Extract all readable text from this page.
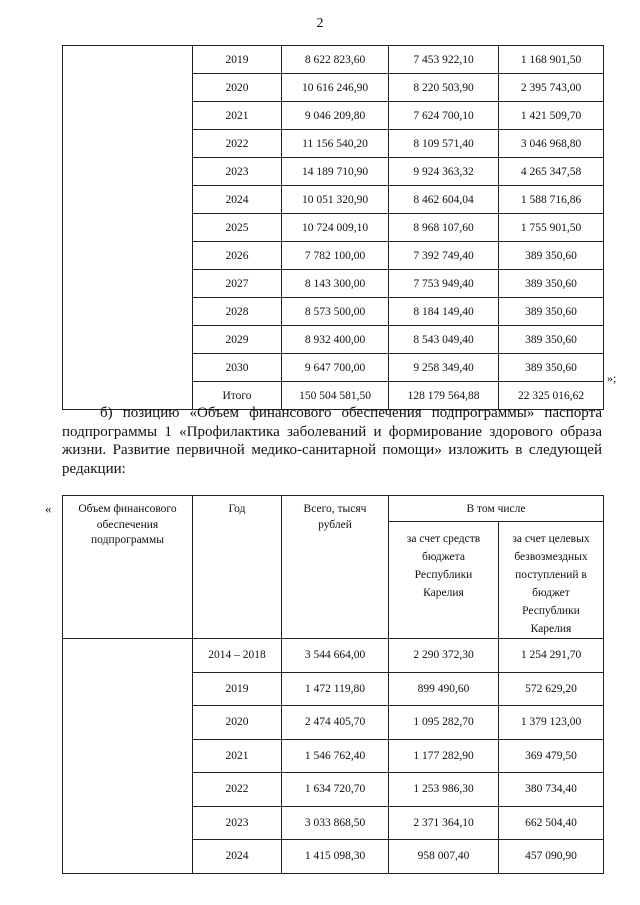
2
	2019	8 622 823,60	7 453 922,10	1 168 901,50
	2020	10 616 246,90	8 220 503,90	2 395 743,00
	2021	9 046 209,80	7 624 700,10	1 421 509,70
	2022	11 156 540,20	8 109 571,40	3 046 968,80
	2023	14 189 710,90	9 924 363,32	4 265 347,58
	2024	10 051 320,90	8 462 604,04	1 588 716,86
	2025	10 724 009,10	8 968 107,60	1 755 901,50
	2026	7 782 100,00	7 392 749,40	389 350,60
	2027	8 143 300,00	7 753 949,40	389 350,60
	2028	8 573 500,00	8 184 149,40	389 350,60
	2029	8 932 400,00	8 543 049,40	389 350,60
	2030	9 647 700,00	9 258 349,40	389 350,60
	Итого	150 504 581,50	128 179 564,88	22 325 016,62
»;

б) позицию «Объем финансового обеспечения подпрограммы» паспорта подпрограммы 1 «Профилактика заболеваний и формирование здорового образа жизни. Развитие первичной медико-санитарной помощи» изложить в следующей редакции:

« Объем финансового обеспечения подпрограммы	Год	Всего, тысяч рублей	В том числе	
			за счет средств бюджета Республики Карелия	за счет целевых безвозмездных поступлений в бюджет Республики Карелия
	2014 – 2018	3 544 664,00	2 290 372,30	1 254 291,70
	2019	1 472 119,80	899 490,60	572 629,20
	2020	2 474 405,70	1 095 282,70	1 379 123,00
	2021	1 546 762,40	1 177 282,90	369 479,50
	2022	1 634 720,70	1 253 986,30	380 734,40
	2023	3 033 868,50	2 371 364,10	662 504,40
	2024	1 415 098,30	958 007,40	457 090,90
